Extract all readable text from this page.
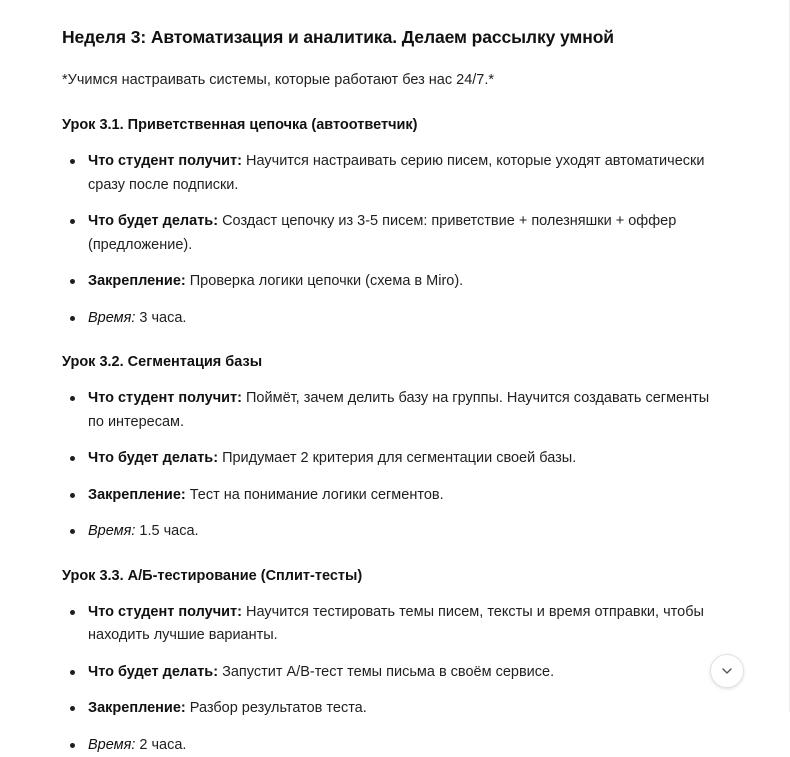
Неделя 3: Автоматизация и аналитика. Делаем рассылку умной

*Учимся настраивать системы, которые работают без нас 24/7.*

Урок 3.1. Приветственная цепочка (автоответчик)
Что студент получит: Научится настраивать серию писем, которые уходят автоматически сразу после подписки.
Что будет делать: Создаст цепочку из 3-5 писем: приветствие + полезняшки + оффер (предложение).
Закрепление: Проверка логики цепочки (схема в Miro).
Время: 3 часа.
Урок 3.2. Сегментация базы
Что студент получит: Поймёт, зачем делить базу на группы. Научится создавать сегменты по интересам.
Что будет делать: Придумает 2 критерия для сегментации своей базы.
Закрепление: Тест на понимание логики сегментов.
Время: 1.5 часа.
Урок 3.3. А/Б-тестирование (Сплит-тесты)
Что студент получит: Научится тестировать темы писем, тексты и время отправки, чтобы находить лучшие варианты.
Что будет делать: Запустит A/B-тест темы письма в своём сервисе.
Закрепление: Разбор результатов теста.
Время: 2 часа.
